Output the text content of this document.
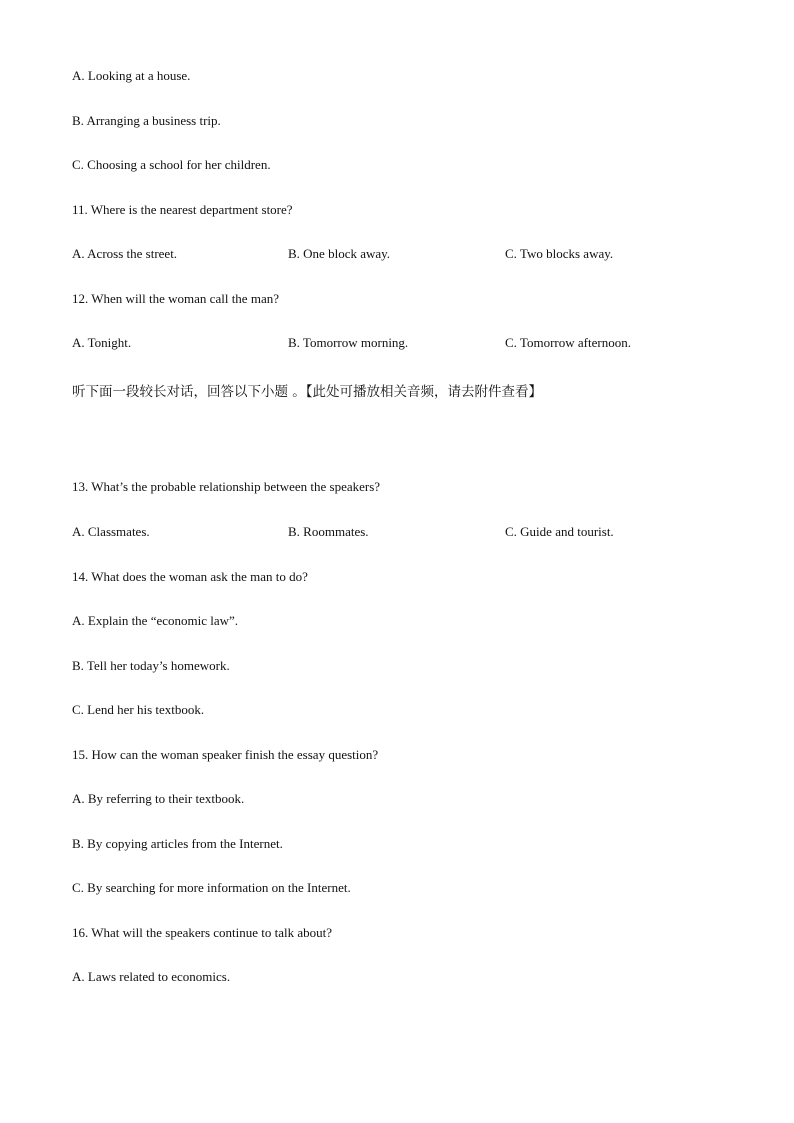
A. Looking at a house.
B. Arranging a business trip.
C. Choosing a school for her children.
11. Where is the nearest department store?
A. Across the street.	B. One block away.	C. Two blocks away.
12. When will the woman call the man?
A. Tonight.	B. Tomorrow morning.	C. Tomorrow afternoon.
听下面一段较长对话，回答以下小题 。【此处可播放相关音频，请去附件查看】
13. What’s the probable relationship between the speakers?
A. Classmates.	B. Roommates.	C. Guide and tourist.
14. What does the woman ask the man to do?
A. Explain the “economic law”.
B. Tell her today’s homework.
C. Lend her his textbook.
15. How can the woman speaker finish the essay question?
A. By referring to their textbook.
B. By copying articles from the Internet.
C. By searching for more information on the Internet.
16. What will the speakers continue to talk about?
A. Laws related to economics.
